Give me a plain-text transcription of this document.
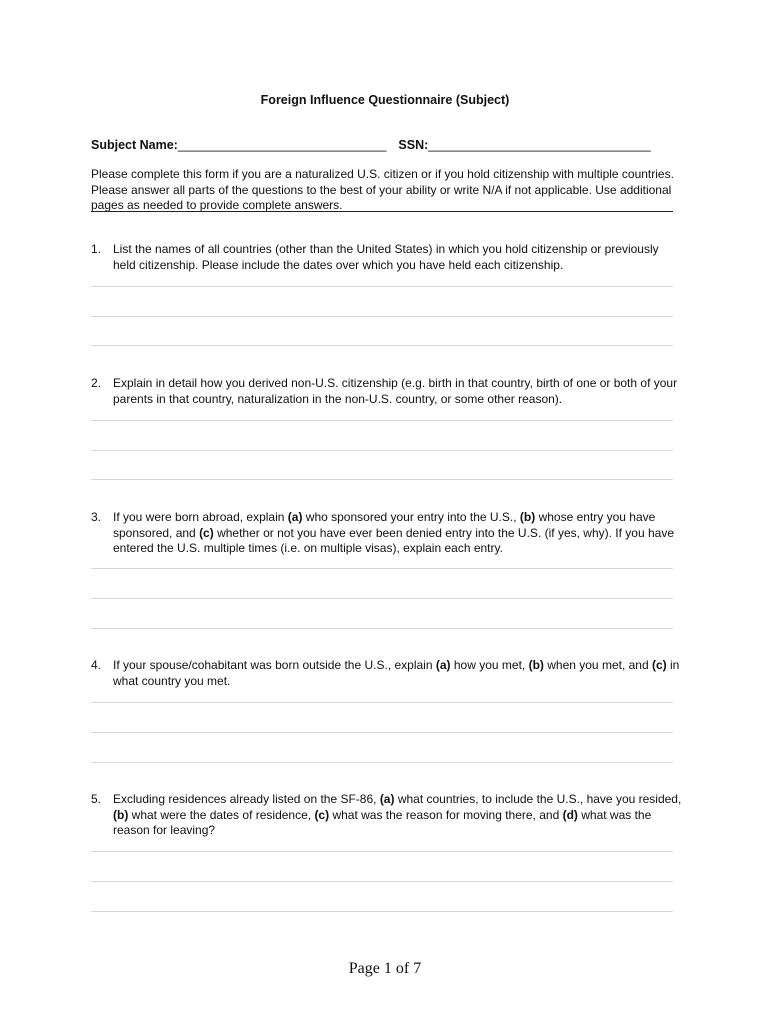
Foreign Influence Questionnaire (Subject)
Subject Name:______________________________ SSN:________________________________
Please complete this form if you are a naturalized U.S. citizen or if you hold citizenship with multiple countries. Please answer all parts of the questions to the best of your ability or write N/A if not applicable. Use additional pages as needed to provide complete answers.
1. List the names of all countries (other than the United States) in which you hold citizenship or previously held citizenship. Please include the dates over which you have held each citizenship.
2. Explain in detail how you derived non-U.S. citizenship (e.g. birth in that country, birth of one or both of your parents in that country, naturalization in the non-U.S. country, or some other reason).
3. If you were born abroad, explain (a) who sponsored your entry into the U.S., (b) whose entry you have sponsored, and (c) whether or not you have ever been denied entry into the U.S. (if yes, why). If you have entered the U.S. multiple times (i.e. on multiple visas), explain each entry.
4. If your spouse/cohabitant was born outside the U.S., explain (a) how you met, (b) when you met, and (c) in what country you met.
5. Excluding residences already listed on the SF-86, (a) what countries, to include the U.S., have you resided, (b) what were the dates of residence, (c) what was the reason for moving there, and (d) what was the reason for leaving?
Page 1 of 7
